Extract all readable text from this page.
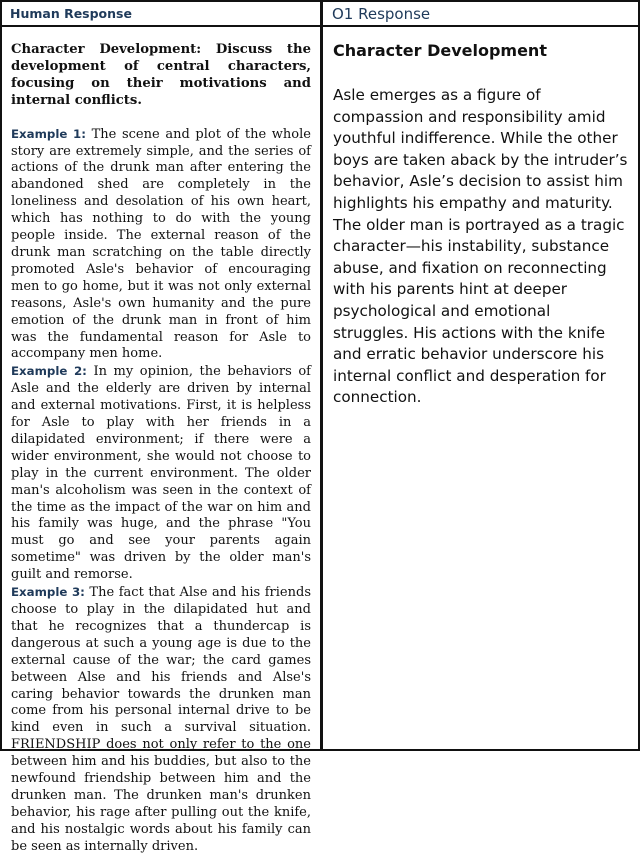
Human Response
Character Development: Discuss the development of central characters, focusing on their motivations and internal conflicts.

Example 1: The scene and plot of the whole story are extremely simple, and the series of actions of the drunk man after entering the abandoned shed are completely in the loneliness and desolation of his own heart, which has nothing to do with the young people inside. The external reason of the drunk man scratching on the table directly promoted Asle's behavior of encouraging men to go home, but it was not only external reasons, Asle's own humanity and the pure emotion of the drunk man in front of him was the fundamental reason for Asle to accompany men home.

Example 2: In my opinion, the behaviors of Asle and the elderly are driven by internal and external motivations. First, it is helpless for Asle to play with her friends in a dilapidated environment; if there were a wider environment, she would not choose to play in the current environment. The older man's alcoholism was seen in the context of the time as the impact of the war on him and his family was huge, and the phrase "You must go and see your parents again sometime" was driven by the older man's guilt and remorse.

Example 3: The fact that Alse and his friends choose to play in the dilapidated hut and that he recognizes that a thundercap is dangerous at such a young age is due to the external cause of the war; the card games between Alse and his friends and Alse's caring behavior towards the drunken man come from his personal internal drive to be kind even in such a survival situation. FRIENDSHIP does not only refer to the one between him and his buddies, but also to the newfound friendship between him and the drunken man. The drunken man's drunken behavior, his rage after pulling out the knife, and his nostalgic words about his family can be seen as internally driven.

O1 Response
Character Development

Asle emerges as a figure of compassion and responsibility amid youthful indifference. While the other boys are taken aback by the intruder’s behavior, Asle’s decision to assist him highlights his empathy and maturity. The older man is portrayed as a tragic character—his instability, substance abuse, and fixation on reconnecting with his parents hint at deeper psychological and emotional struggles. His actions with the knife and erratic behavior underscore his internal conflict and desperation for connection.
